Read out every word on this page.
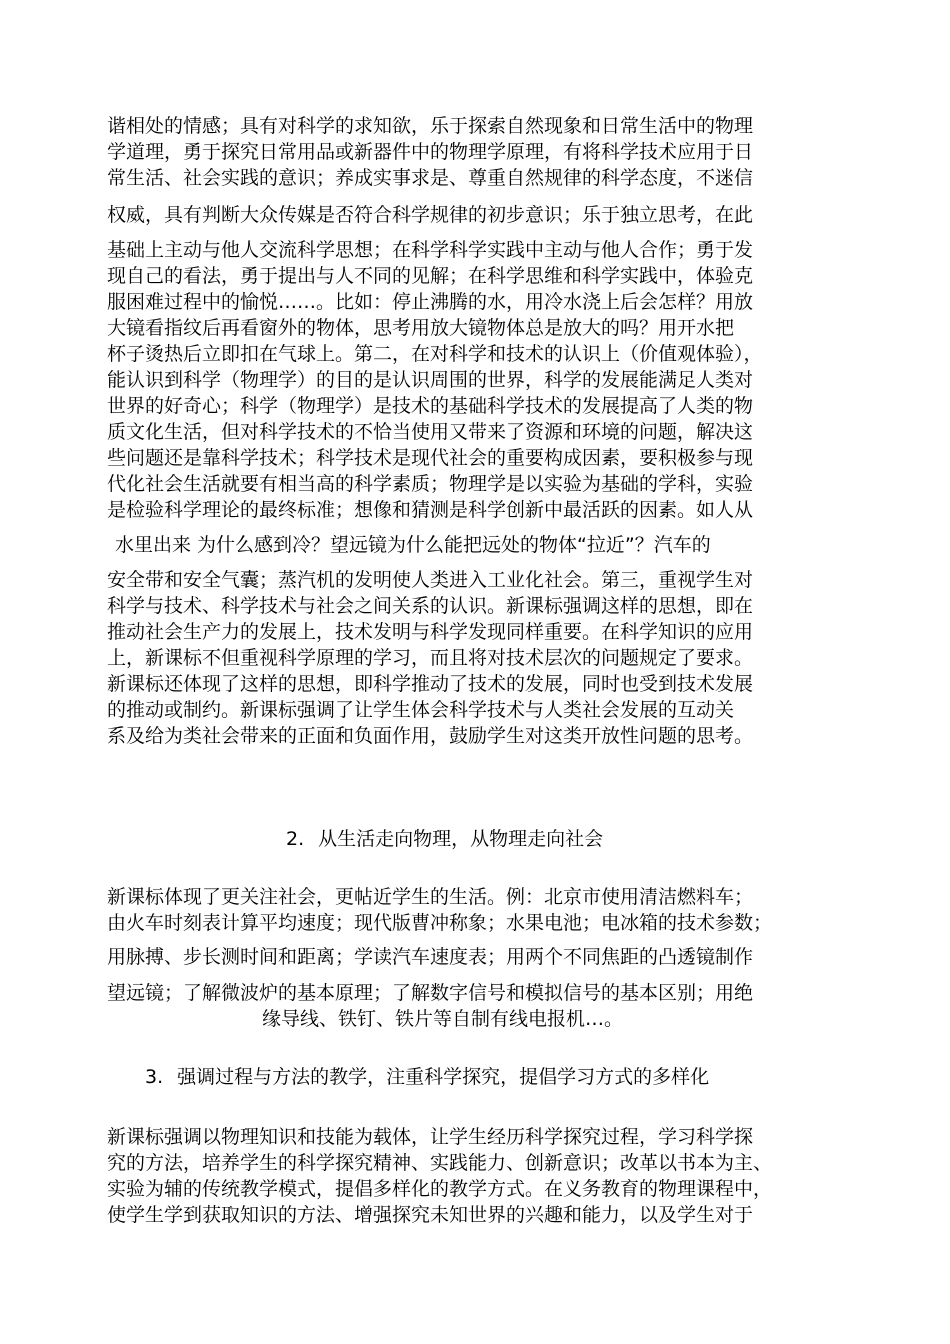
谐相处的情感；具有对科学的求知欲，乐于探索自然现象和日常生活中的物理
学道理，勇于探究日常用品或新器件中的物理学原理，有将科学技术应用于日
常生活、社会实践的意识；养成实事求是、尊重自然规律的科学态度，不迷信
权威，具有判断大众传媒是否符合科学规律的初步意识；乐于独立思考，在此
基础上主动与他人交流科学思想；在科学科学实践中主动与他人合作；勇于发
现自己的看法，勇于提出与人不同的见解；在科学思维和科学实践中，体验克
服困难过程中的愉悦……。比如：停止沸腾的水，用冷水浇上后会怎样？用放
大镜看指纹后再看窗外的物体，思考用放大镜物体总是放大的吗？用开水把
杯子烫热后立即扣在气球上。第二，在对科学和技术的认识上（价值观体验），
能认识到科学（物理学）的目的是认识周围的世界，科学的发展能满足人类对
世界的好奇心；科学（物理学）是技术的基础科学技术的发展提高了人类的物
质文化生活，但对科学技术的不恰当使用又带来了资源和环境的问题，解决这
些问题还是靠科学技术；科学技术是现代社会的重要构成因素，要积极参与现
代化社会生活就要有相当高的科学素质；物理学是以实验为基础的学科，实验
是检验科学理论的最终标准；想像和猜测是科学创新中最活跃的因素。如人从
水里出来 为什么感到冷？望远镜为什么能把远处的物体“拉近”？汽车的
安全带和安全气囊；蒸汽机的发明使人类进入工业化社会。第三，重视学生对
科学与技术、科学技术与社会之间关系的认识。新课标强调这样的思想，即在
推动社会生产力的发展上，技术发明与科学发现同样重要。在科学知识的应用
上，新课标不但重视科学原理的学习，而且将对技术层次的问题规定了要求。
新课标还体现了这样的思想，即科学推动了技术的发展，同时也受到技术发展
的推动或制约。新课标强调了让学生体会科学技术与人类社会发展的互动关
系及给为类社会带来的正面和负面作用，鼓励学生对这类开放性问题的思考。
2. 从生活走向物理，从物理走向社会
新课标体现了更关注社会，更帖近学生的生活。例：北京市使用清洁燃料车；
由火车时刻表计算平均速度；现代版曹冲称象；水果电池；电冰箱的技术参数；
用脉搏、步长测时间和距离；学读汽车速度表；用两个不同焦距的凸透镜制作
望远镜；了解微波炉的基本原理；了解数字信号和模拟信号的基本区别；用绝
缘导线、铁钉、铁片等自制有线电报机…。
3. 强调过程与方法的教学，注重科学探究，提倡学习方式的多样化
新课标强调以物理知识和技能为载体，让学生经历科学探究过程，学习科学探
究的方法，培养学生的科学探究精神、实践能力、创新意识；改革以书本为主、
实验为辅的传统教学模式，提倡多样化的教学方式。在义务教育的物理课程中，
使学生学到获取知识的方法、增强探究未知世界的兴趣和能力，以及学生对于
